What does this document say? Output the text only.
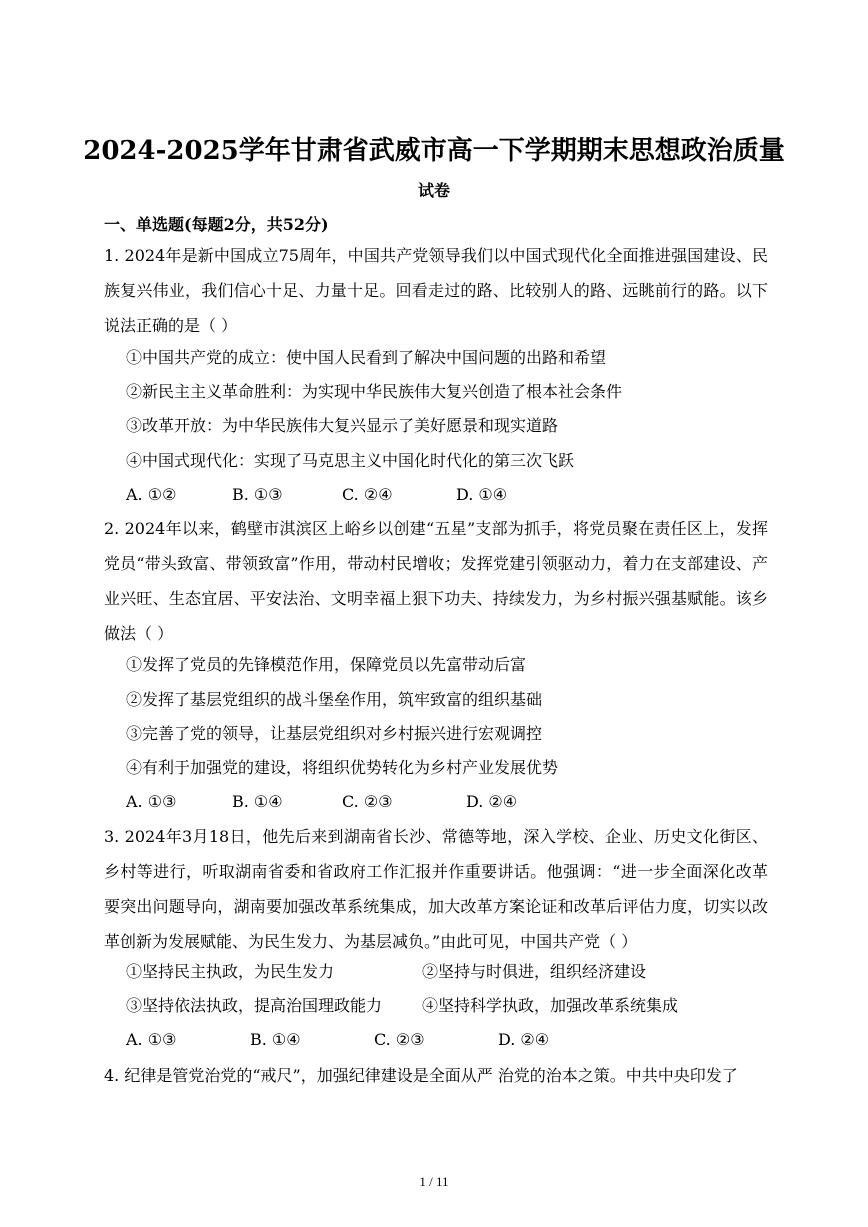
2024-2025学年甘肃省武威市高一下学期期末思想政治质量
试卷
一、单选题(每题2分，共52分)
1. 2024年是新中国成立75周年，中国共产党领导我们以中国式现代化全面推进强国建设、民族复兴伟业，我们信心十足、力量十足。回看走过的路、比较别人的路、远眺前行的路。以下说法正确的是（ ）
①中国共产党的成立：使中国人民看到了解决中国问题的出路和希望
②新民主主义革命胜利：为实现中华民族伟大复兴创造了根本社会条件
③改革开放：为中华民族伟大复兴显示了美好愿景和现实道路
④中国式现代化：实现了马克思主义中国化时代化的第三次飞跃
A. ①②	B. ①③	C. ②④	D. ①④
2. 2024年以来，鹤壁市淇滨区上峪乡以创建“五星”支部为抓手，将党员聚在责任区上，发挥党员“带头致富、带领致富”作用，带动村民增收；发挥党建引领驱动力，着力在支部建设、产业兴旺、生态宜居、平安法治、文明幸福上狠下功夫、持续发力，为乡村振兴强基赋能。该乡做法（ ）
①发挥了党员的先锋模范作用，保障党员以先富带动后富
②发挥了基层党组织的战斗堡垒作用，筑牢致富的组织基础
③完善了党的领导，让基层党组织对乡村振兴进行宏观调控
④有利于加强党的建设，将组织优势转化为乡村产业发展优势
A. ①③	B. ①④	C. ②③	D. ②④
3. 2024年3月18日，他先后来到湖南省长沙、常德等地，深入学校、企业、历史文化街区、乡村等进行，听取湖南省委和省政府工作汇报并作重要讲话。他强调：“进一步全面深化改革要突出问题导向，湖南要加强改革系统集成，加大改革方案论证和改革后评估力度，切实以改革创新为发展赋能、为民生发力、为基层减负。”由此可见，中国共产党（ ）
①坚持民主执政，为民生发力	②坚持与时俱进，组织经济建设
③坚持依法执政，提高治国理政能力 ④坚持科学执政，加强改革系统集成
A. ①③	B. ①④	C. ②③	D. ②④
4. 纪律是管党治党的“戒尺”，加强纪律建设是全面从严 治党的治本之策。中共中央印发了
1 / 11
